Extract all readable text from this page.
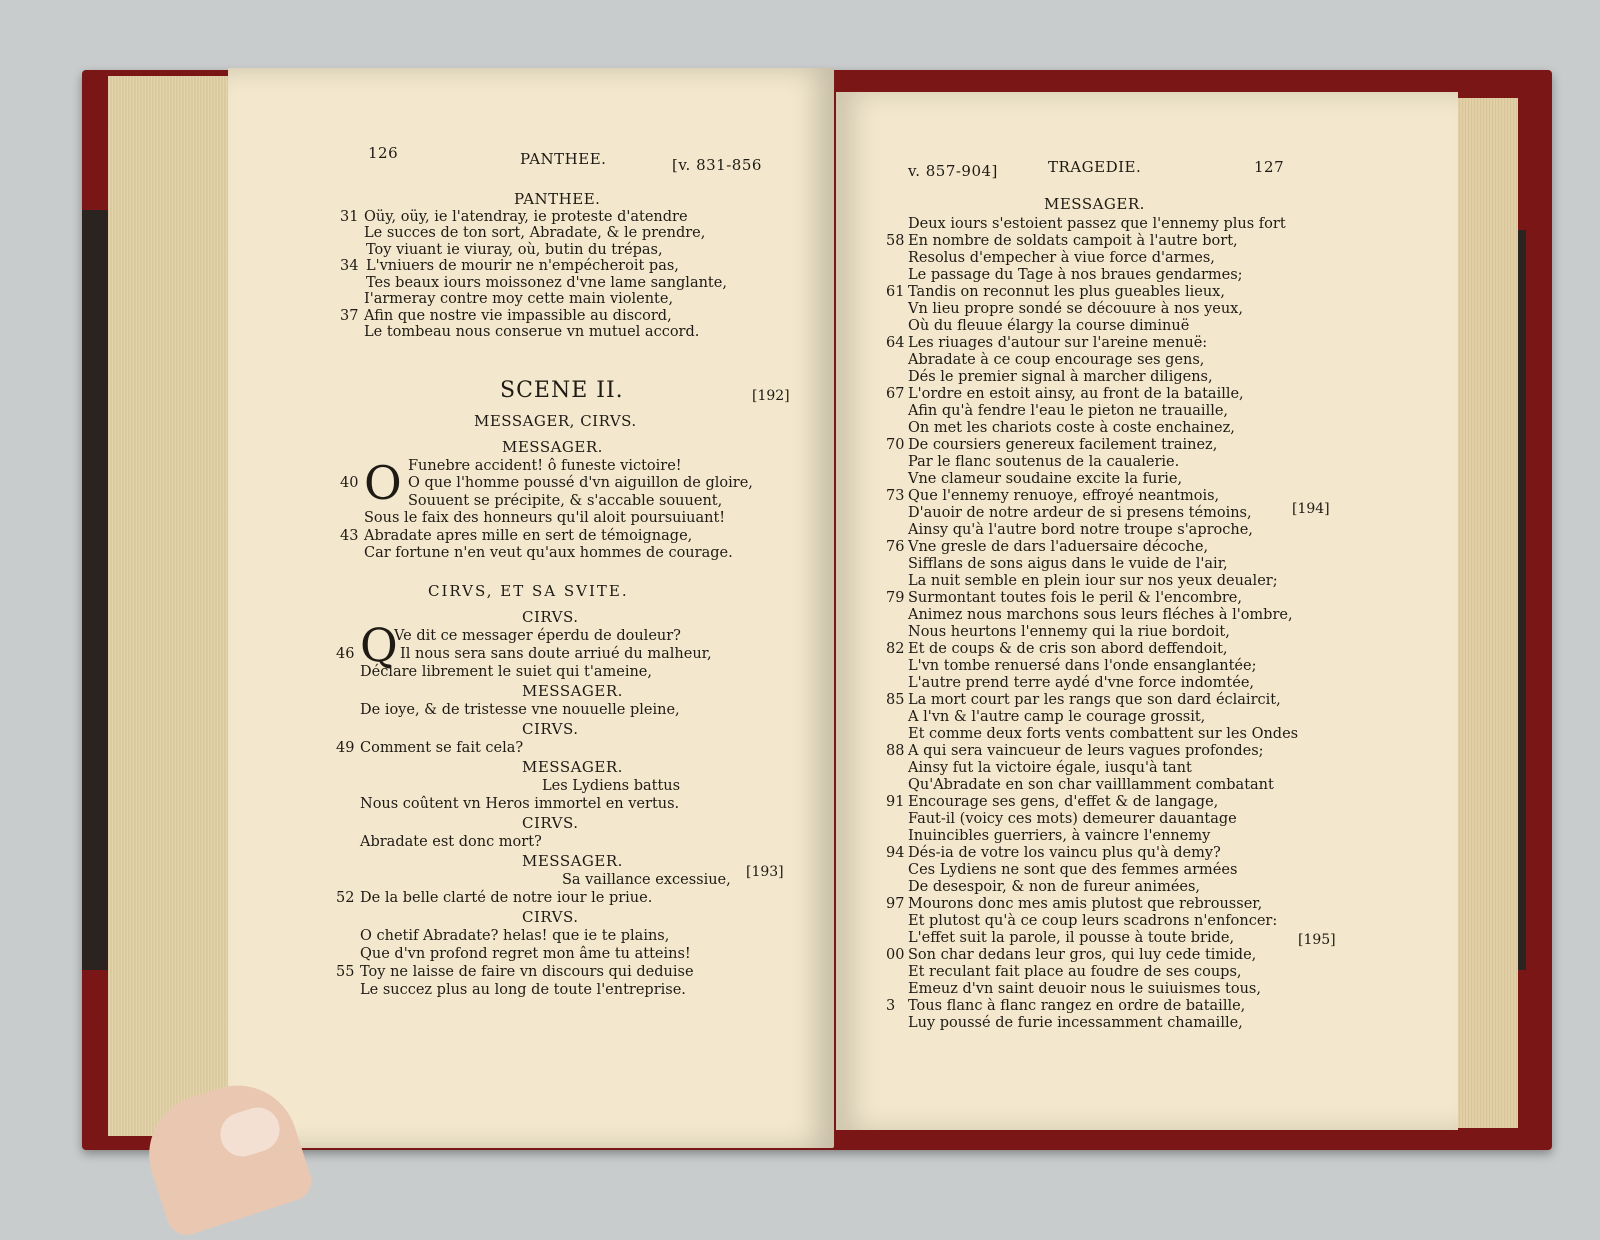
126	PANTHEE.	[v. 831-856
PANTHEE.
31 Oüy, oüy, ie l'atendray, ie proteste d'atendre
Le succes de ton sort, Abradate, & le prendre,
Toy viuant ie viuray, où, butin du trépas,
34 L'vniuers de mourir ne n'empécheroit pas,
Tes beaux iours moissonez d'vne lame sanglante,
I'armeray contre moy cette main violente,
37 Afin que nostre vie impassible au discord,
Le tombeau nous conserue vn mutuel accord.
SCENE II.	[192]
MESSAGER, CIRVS.
O
MESSAGER.
Funebre accident! ô funeste victoire!
40	O que l'homme poussé d'vn aiguillon de gloire,
Souuent se précipite, & s'accable souuent,
Sous le faix des honneurs qu'il aloit poursuiuant!
43 Abradate apres mille en sert de témoignage,
Car fortune n'en veut qu'aux hommes de courage.
CIRVS, ET SA SVITE.
Q
CIRVS.
Ve dit ce messager éperdu de douleur?
46	Il nous sera sans doute arriué du malheur,
Déclare librement le suiet qui t'ameine,
MESSAGER.
De ioye, & de tristesse vne nouuelle pleine,
CIRVS.
49 Comment se fait cela?
MESSAGER.
Les Lydiens battus
Nous coûtent vn Heros immortel en vertus.
CIRVS.
Abradate est donc mort?
MESSAGER.
Sa vaillance excessiue,
52 De la belle clarté de notre iour le priue.
CIRVS.
O chetif Abradate? helas! que ie te plains,
Que d'vn profond regret mon âme tu atteins!
55 Toy ne laisse de faire vn discours qui deduise
Le succez plus au long de toute l'entreprise.
[193]
v. 857-904]	TRAGEDIE.	127
MESSAGER.
Deux iours s'estoient passez que l'ennemy plus fort
58 En nombre de soldats campoit à l'autre bort,
Resolus d'empecher à viue force d'armes,
Le passage du Tage à nos braues gendarmes;
61 Tandis on reconnut les plus gueables lieux,
Vn lieu propre sondé se découure à nos yeux,
Où du fleuue élargy la course diminuë
64 Les riuages d'autour sur l'areine menuë:
Abradate à ce coup encourage ses gens,
Dés le premier signal à marcher diligens,
67 L'ordre en estoit ainsy, au front de la bataille,
Afin qu'à fendre l'eau le pieton ne trauaille,
On met les chariots coste à coste enchainez,
70 De coursiers genereux facilement trainez,
Par le flanc soutenus de la caualerie.
Vne clameur soudaine excite la furie,
73 Que l'ennemy renuoye, effroyé neantmois,
D'auoir de notre ardeur de si presens témoins,
Ainsy qu'à l'autre bord notre troupe s'aproche,
76 Vne gresle de dars l'aduersaire décoche,
Sifflans de sons aigus dans le vuide de l'air,
La nuit semble en plein iour sur nos yeux deualer;
79 Surmontant toutes fois le peril & l'encombre,
Animez nous marchons sous leurs fléches à l'ombre,
Nous heurtons l'ennemy qui la riue bordoit,
82 Et de coups & de cris son abord deffendoit,
L'vn tombe renuersé dans l'onde ensanglantée;
L'autre prend terre aydé d'vne force indomtée,
85 La mort court par les rangs que son dard éclaircit,
A l'vn & l'autre camp le courage grossit,
Et comme deux forts vents combattent sur les Ondes
88 A qui sera vaincueur de leurs vagues profondes;
Ainsy fut la victoire égale, iusqu'à tant
Qu'Abradate en son char vailllamment combatant
91 Encourage ses gens, d'effet & de langage,
Faut-il (voicy ces mots) demeurer dauantage
Inuincibles guerriers, à vaincre l'ennemy
94 Dés-ia de votre los vaincu plus qu'à demy?
Ces Lydiens ne sont que des femmes armées
De desespoir, & non de fureur animées,
97 Mourons donc mes amis plutost que rebrousser,
Et plutost qu'à ce coup leurs scadrons n'enfoncer:
L'effet suit la parole, il pousse à toute bride,
00 Son char dedans leur gros, qui luy cede timide,
Et reculant fait place au foudre de ses coups,
Emeuz d'vn saint deuoir nous le suiuismes tous,
3 Tous flanc à flanc rangez en ordre de bataille,
Luy poussé de furie incessamment chamaille,
[194]
[195]
